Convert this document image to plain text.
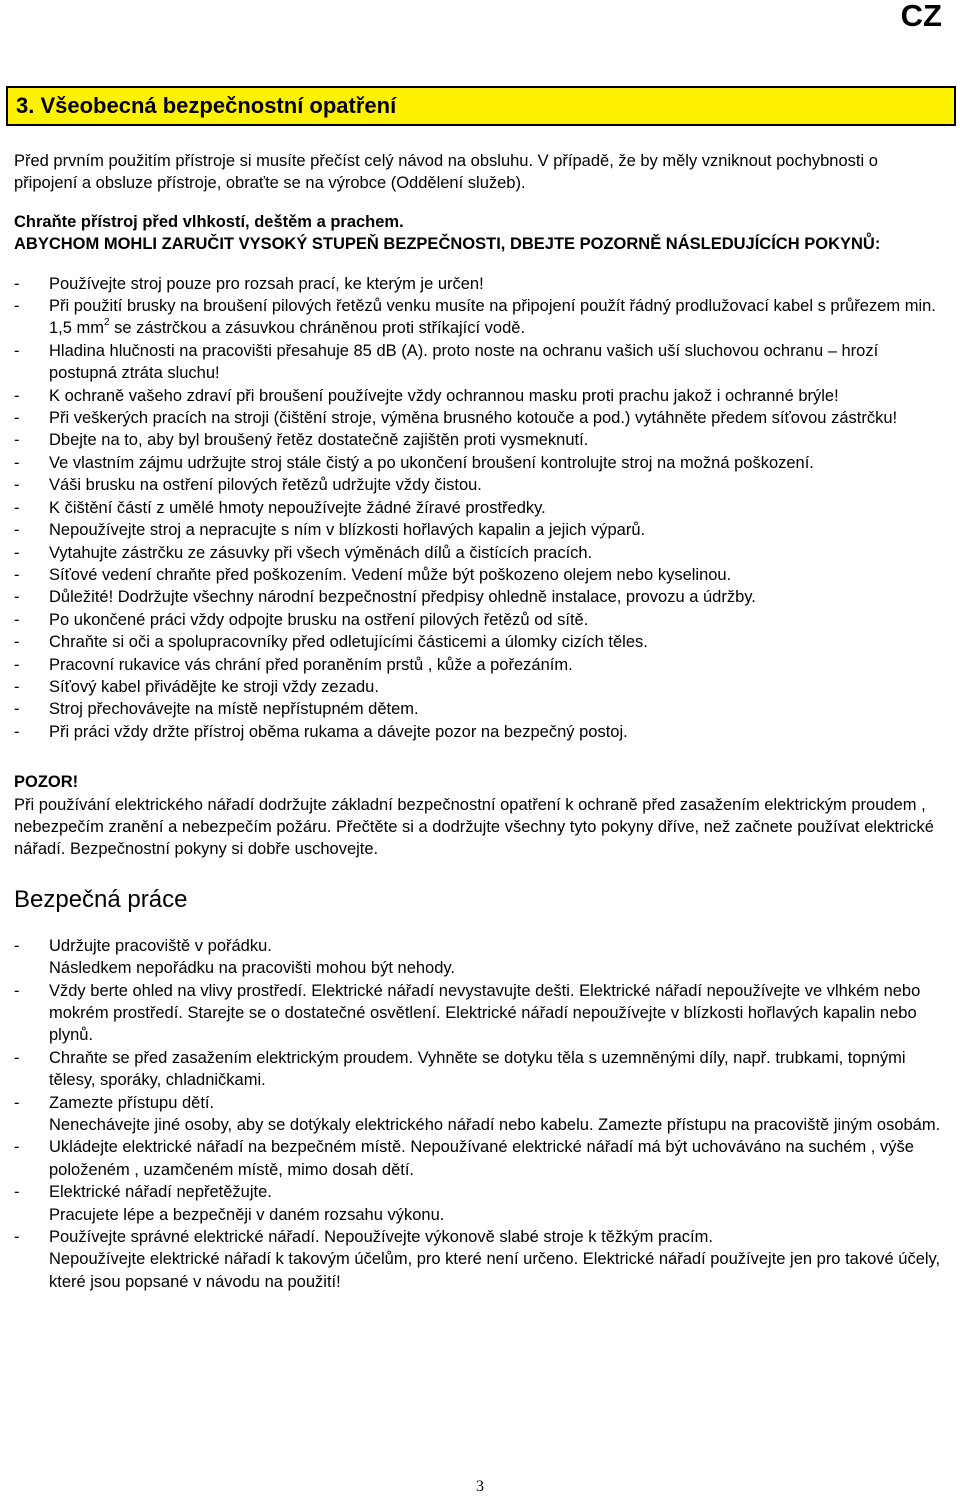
CZ
3. Všeobecná bezpečnostní opatření

Před prvním použitím přístroje si musíte přečíst celý návod na obsluhu. V případě, že by měly vzniknout pochybnosti o připojení a obsluze přístroje, obraťte se na výrobce (Oddělení služeb).

Chraňte přístroj před vlhkostí, deštěm a prachem.

ABYCHOM MOHLI ZARUČIT VYSOKÝ STUPEŇ BEZPEČNOSTI, DBEJTE POZORNĚ NÁSLEDUJÍCÍCH POKYNŮ:

- Používejte stroj pouze pro rozsah prací, ke kterým je určen!
- Při použití brusky na broušení pilových řetězů venku musíte na připojení použít řádný prodlužovací kabel s průřezem min. 1,5 $mm^2$ se zástrčkou a zásuvkou chráněnou proti stříkající vodě.
- Hladina hlučnosti na pracovišti přesahuje 85 dB (A). proto noste na ochranu vašich uší sluchovou ochranu – hrozí postupná ztráta sluchu!
- K ochraně vašeho zdraví při broušení používejte vždy ochrannou masku proti prachu jakož i ochranné brýle!
- Při veškerých pracích na stroji (čištění stroje, výměna brusného kotouče a pod.) vytáhněte předem síťovou zástrčku!
- Dbejte na to, aby byl broušený řetěz dostatečně zajištěn proti vysmeknutí.
- Ve vlastním zájmu udržujte stroj stále čistý a po ukončení broušení kontrolujte stroj na možná poškození.
- Váši brusku na ostření pilových řetězů udržujte vždy čistou.
- K čištění částí z umělé hmoty nepoužívejte žádné žíravé prostředky.
- Nepoužívejte stroj a nepracujte s ním v blízkosti hořlavých kapalin a jejich výparů.
- Vytahujte zástrčku ze zásuvky při všech výměnách dílů a čistících pracích.
- Síťové vedení chraňte před poškozením. Vedení může být poškozeno olejem nebo kyselinou.
- Důležité! Dodržujte všechny národní bezpečnostní předpisy ohledně instalace, provozu a údržby.
- Po ukončené práci vždy odpojte brusku na ostření pilových řetězů od sítě.
- Chraňte si oči a spolupracovníky před odletujícími částicemi a úlomky cizích těles.
- Pracovní rukavice vás chrání před poraněním prstů , kůže a pořezáním.
- Síťový kabel přivádějte ke stroji vždy zezadu.
- Stroj přechovávejte na místě nepřístupném dětem.
- Při práci vždy držte přístroj oběma rukama a dávejte pozor na bezpečný postoj.

POZOR!

Při používání elektrického nářadí dodržujte základní bezpečnostní opatření k ochraně před zasažením elektrickým proudem , nebezpečím zranění a nebezpečím požáru. Přečtěte si a dodržujte všechny tyto pokyny dříve, než začnete používat elektrické nářadí. Bezpečnostní pokyny si dobře uschovejte.

Bezpečná práce

- Udržujte pracoviště v pořádku.
Následkem nepořádku na pracovišti mohou být nehody.
- Vždy berte ohled na vlivy prostředí. Elektrické nářadí nevystavujte dešti. Elektrické nářadí nepoužívejte ve vlhkém nebo mokrém prostředí. Starejte se o dostatečné osvětlení. Elektrické nářadí nepoužívejte v blízkosti hořlavých kapalin nebo plynů.
- Chraňte se před zasažením elektrickým proudem. Vyhněte se dotyku těla s uzemněnými díly, např. trubkami, topnými tělesy, sporáky, chladničkami.
- Zamezte přístupu dětí.
Nenechávejte jiné osoby, aby se dotýkaly elektrického nářadí nebo kabelu. Zamezte přístupu na pracoviště jiným osobám.
- Ukládejte elektrické nářadí na bezpečném místě. Nepoužívané elektrické nářadí má být uchováváno na suchém , výše položeném , uzamčeném místě, mimo dosah dětí.
- Elektrické nářadí nepřetěžujte.
Pracujete lépe a bezpečněji v daném rozsahu výkonu.
- Používejte správné elektrické nářadí. Nepoužívejte výkonově slabé stroje k těžkým pracím.
Nepoužívejte elektrické nářadí k takovým účelům, pro které není určeno. Elektrické nářadí používejte jen pro takové účely, které jsou popsané v návodu na použití!
3
